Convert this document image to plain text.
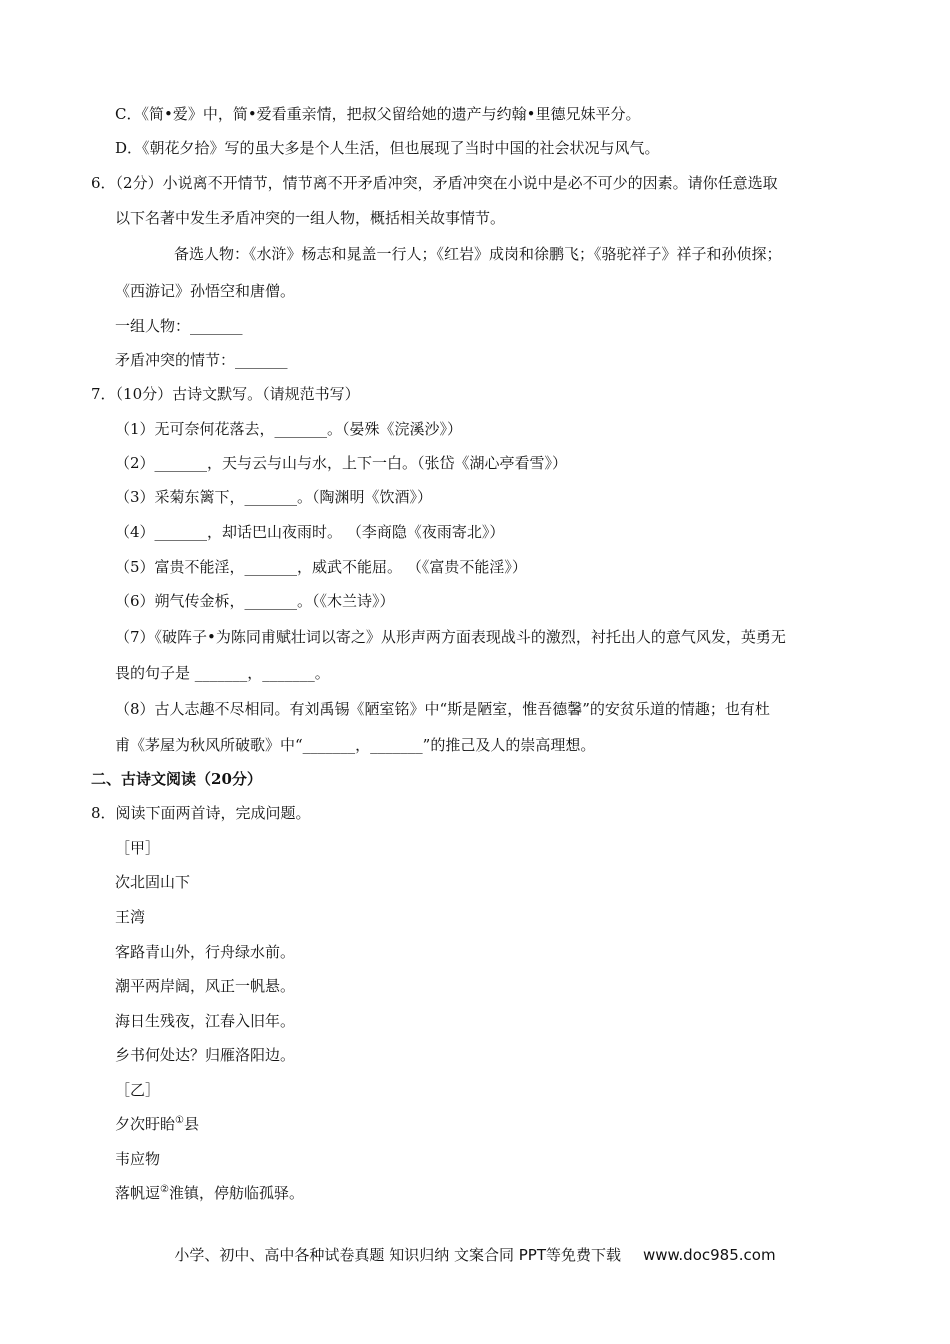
C．《简•爱》中，简•爱看重亲情，把叔父留给她的遗产与约翰•里德兄妹平分。
D．《朝花夕拾》写的虽大多是个人生活，但也展现了当时中国的社会状况与风气。
6．（2分）小说离不开情节，情节离不开矛盾冲突，矛盾冲突在小说中是必不可少的因素。请你任意选取
以下名著中发生矛盾冲突的一组人物，概括相关故事情节。
备选人物：《水浒》杨志和晁盖一行人；《红岩》成岗和徐鹏飞；《骆驼祥子》祥子和孙侦探；
《西游记》孙悟空和唐僧。
一组人物：_______
矛盾冲突的情节：_______
7．（10分）古诗文默写。（请规范书写）
（1）无可奈何花落去，_______。（晏殊《浣溪沙》）
（2）_______，天与云与山与水，上下一白。（张岱《湖心亭看雪》）
（3）采菊东篱下，_______。（陶渊明《饮酒》）
（4）_______，却话巴山夜雨时。 （李商隐《夜雨寄北》）
（5）富贵不能淫，_______，威武不能屈。 （《富贵不能淫》）
（6）朔气传金柝，_______。（《木兰诗》）
（7）《破阵子•为陈同甫赋壮词以寄之》从形声两方面表现战斗的激烈，衬托出人的意气风发，英勇无
畏的句子是 _______，_______。
（8）古人志趣不尽相同。有刘禹锡《陋室铭》中“斯是陋室，惟吾德馨”的安贫乐道的情趣；也有杜
甫《茅屋为秋风所破歌》中“_______，_______”的推己及人的崇高理想。
二、古诗文阅读（20分）
8．阅读下面两首诗，完成问题。
［甲］
次北固山下
王湾
客路青山外，行舟绿水前。
潮平两岸阔，风正一帆悬。
海日生残夜，江春入旧年。
乡书何处达？归雁洛阳边。
［乙］
夕次盱眙①县
韦应物
落帆逗②淮镇，停舫临孤驿。
小学、初中、高中各种试卷真题 知识归纳 文案合同 PPT等免费下载 www.doc985.com
